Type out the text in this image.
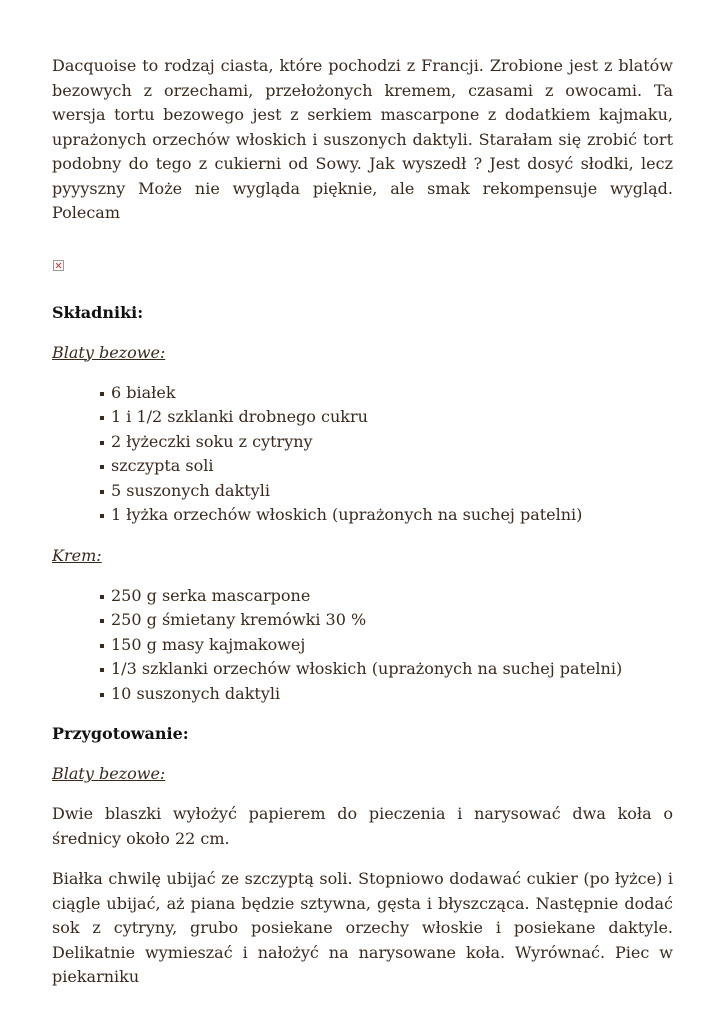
Dacquoise to rodzaj ciasta, które pochodzi z Francji. Zrobione jest z blatów bezowych z orzechami, przełożonych kremem, czasami z owocami. Ta wersja tortu bezowego jest z serkiem mascarpone z dodatkiem kajmaku, uprażonych orzechów włoskich i suszonych daktyli. Starałam się zrobić tort podobny do tego z cukierni od Sowy. Jak wyszedł ? Jest dosyć słodki, lecz pyyyszny Może nie wygląda pięknie, ale smak rekompensuje wygląd. Polecam

Składniki:
Blaty bezowe:
6 białek
1 i 1/2 szklanki drobnego cukru
2 łyżeczki soku z cytryny
szczypta soli
5 suszonych daktyli
1 łyżka orzechów włoskich (uprażonych na suchej patelni)
Krem:
250 g serka mascarpone
250 g śmietany kremówki 30 %
150 g masy kajmakowej
1/3 szklanki orzechów włoskich (uprażonych na suchej patelni)
10 suszonych daktyli
Przygotowanie:
Blaty bezowe:

Dwie blaszki wyłożyć papierem do pieczenia i narysować dwa koła o średnicy około 22 cm.

Białka chwilę ubijać ze szczyptą soli. Stopniowo dodawać cukier (po łyżce) i ciągle ubijać, aż piana będzie sztywna, gęsta i błyszcząca. Następnie dodać sok z cytryny, grubo posiekane orzechy włoskie i posiekane daktyle. Delikatnie wymieszać i nałożyć na narysowane koła. Wyrównać. Piec w piekarniku
